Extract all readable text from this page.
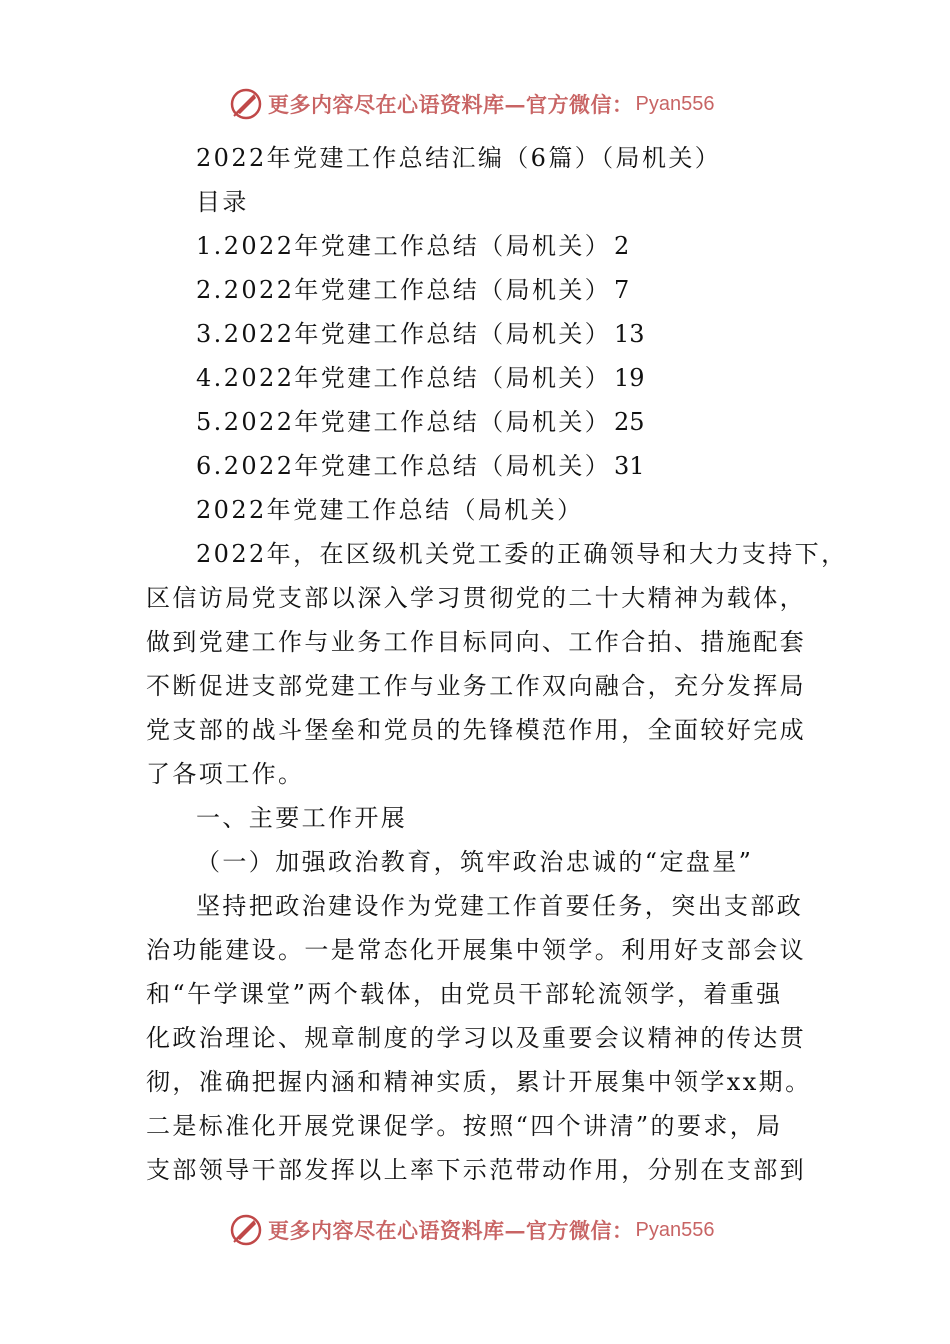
更多内容尽在心语资料库—官方微信： Pyan556
2022年党建工作总结汇编（6篇）（局机关）
目录
1.2022年党建工作总结（局机关） 2
2.2022年党建工作总结（局机关） 7
3.2022年党建工作总结（局机关） 13
4.2022年党建工作总结（局机关） 19
5.2022年党建工作总结（局机关） 25
6.2022年党建工作总结（局机关） 31
2022年党建工作总结（局机关）
2022年，在区级机关党工委的正确领导和大力支持下，
区信访局党支部以深入学习贯彻党的二十大精神为载体，
做到党建工作与业务工作目标同向、工作合拍、措施配套
不断促进支部党建工作与业务工作双向融合，充分发挥局
党支部的战斗堡垒和党员的先锋模范作用，全面较好完成
了各项工作。
一、主要工作开展
（一）加强政治教育，筑牢政治忠诚的“定盘星”
坚持把政治建设作为党建工作首要任务，突出支部政
治功能建设。一是常态化开展集中领学。利用好支部会议
和“午学课堂”两个载体，由党员干部轮流领学，着重强
化政治理论、规章制度的学习以及重要会议精神的传达贯
彻，准确把握内涵和精神实质，累计开展集中领学xx期。
二是标准化开展党课促学。按照“四个讲清”的要求，局
支部领导干部发挥以上率下示范带动作用，分别在支部到
更多内容尽在心语资料库—官方微信： Pyan556
